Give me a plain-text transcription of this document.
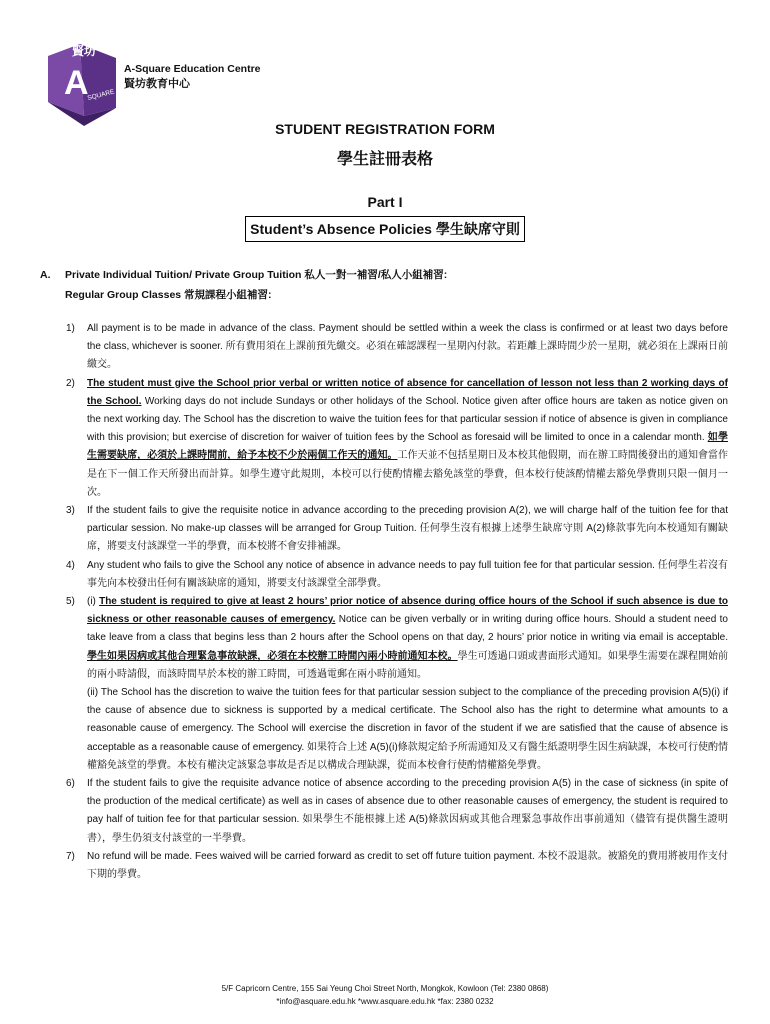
A
賢坊
SQUARE
A-Square Education Centre
賢坊教育中心
STUDENT REGISTRATION FORM
學生註冊表格
Part I
Student’s Absence Policies 學生缺席守則
A. Private Individual Tuition/ Private Group Tuition 私人一對一補習/私人小組補習:
Regular Group Classes 常規課程小組補習:
1) All payment is to be made in advance of the class. Payment should be settled within a week the class is confirmed or at least two days before the class, whichever is sooner. 所有費用須在上課前預先繳交。必須在確認課程一星期內付款。若距離上課時間少於一星期，就必須在上課兩日前繳交。
2) The student must give the School prior verbal or written notice of absence for cancellation of lesson not less than 2 working days of the School. Working days do not include Sundays or other holidays of the School. Notice given after office hours are taken as notice given on the next working day. The School has the discretion to waive the tuition fees for that particular session if notice of absence is given in compliance with this provision; but exercise of discretion for waiver of tuition fees by the School as foresaid will be limited to once in a calendar month. 如學生需要缺席，必須於上課時間前，給予本校不少於兩個工作天的通知。工作天並不包括星期日及本校其他假期，而在辦工時間後發出的通知會當作是在下一個工作天所發出而計算。如學生遵守此規則，本校可以行使酌情權去豁免該堂的學費，但本校行使該酌情權去豁免學費則只限一個月一次。
3) If the student fails to give the requisite notice in advance according to the preceding provision A(2), we will charge half of the tuition fee for that particular session. No make-up classes will be arranged for Group Tuition. 任何學生沒有根據上述學生缺席守則 A(2)條款事先向本校通知有關缺席，將要支付該課堂一半的學費，而本校將不會安排補課。
4) Any student who fails to give the School any notice of absence in advance needs to pay full tuition fee for that particular session. 任何學生若沒有事先向本校發出任何有關該缺席的通知，將要支付該課堂全部學費。
5) (i) The student is required to give at least 2 hours’ prior notice of absence during office hours of the School if such absence is due to sickness or other reasonable causes of emergency. Notice can be given verbally or in writing during office hours. Should a student need to take leave from a class that begins less than 2 hours after the School opens on that day, 2 hours’ prior notice in writing via email is acceptable. 學生如果因病或其他合理緊急事故缺課，必須在本校辦工時間內兩小時前通知本校。學生可透過口頭或書面形式通知。如果學生需要在課程開始前的兩小時請假，而該時間早於本校的辦工時間，可透過電郵在兩小時前通知。
(ii) The School has the discretion to waive the tuition fees for that particular session subject to the compliance of the preceding provision A(5)(i) if the cause of absence due to sickness is supported by a medical certificate. The School also has the right to determine what amounts to a reasonable cause of emergency. The School will exercise the discretion in favor of the student if we are satisfied that the cause of absence is acceptable as a reasonable cause of emergency. 如果符合上述 A(5)(i)條款規定給予所需通知及又有醫生紙證明學生因生病缺課，本校可行使酌情權豁免該堂的學費。本校有權決定該緊急事故是否足以構成合理缺課，從而本校會行使酌情權豁免學費。
6) If the student fails to give the requisite advance notice of absence according to the preceding provision A(5) in the case of sickness (in spite of the production of the medical certificate) as well as in cases of absence due to other reasonable causes of emergency, the student is required to pay half of tuition fee for that particular session. 如果學生不能根據上述 A(5)條款因病或其他合理緊急事故作出事前通知（儘管有提供醫生證明書），學生仍須支付該堂的一半學費。
7) No refund will be made. Fees waived will be carried forward as credit to set off future tuition payment. 本校不設退款。被豁免的費用將被用作支付下期的學費。
5/F Capricorn Centre, 155 Sai Yeung Choi Street North, Mongkok, Kowloon (Tel: 2380 0868)
*info@asquare.edu.hk *www.asquare.edu.hk *fax: 2380 0232
